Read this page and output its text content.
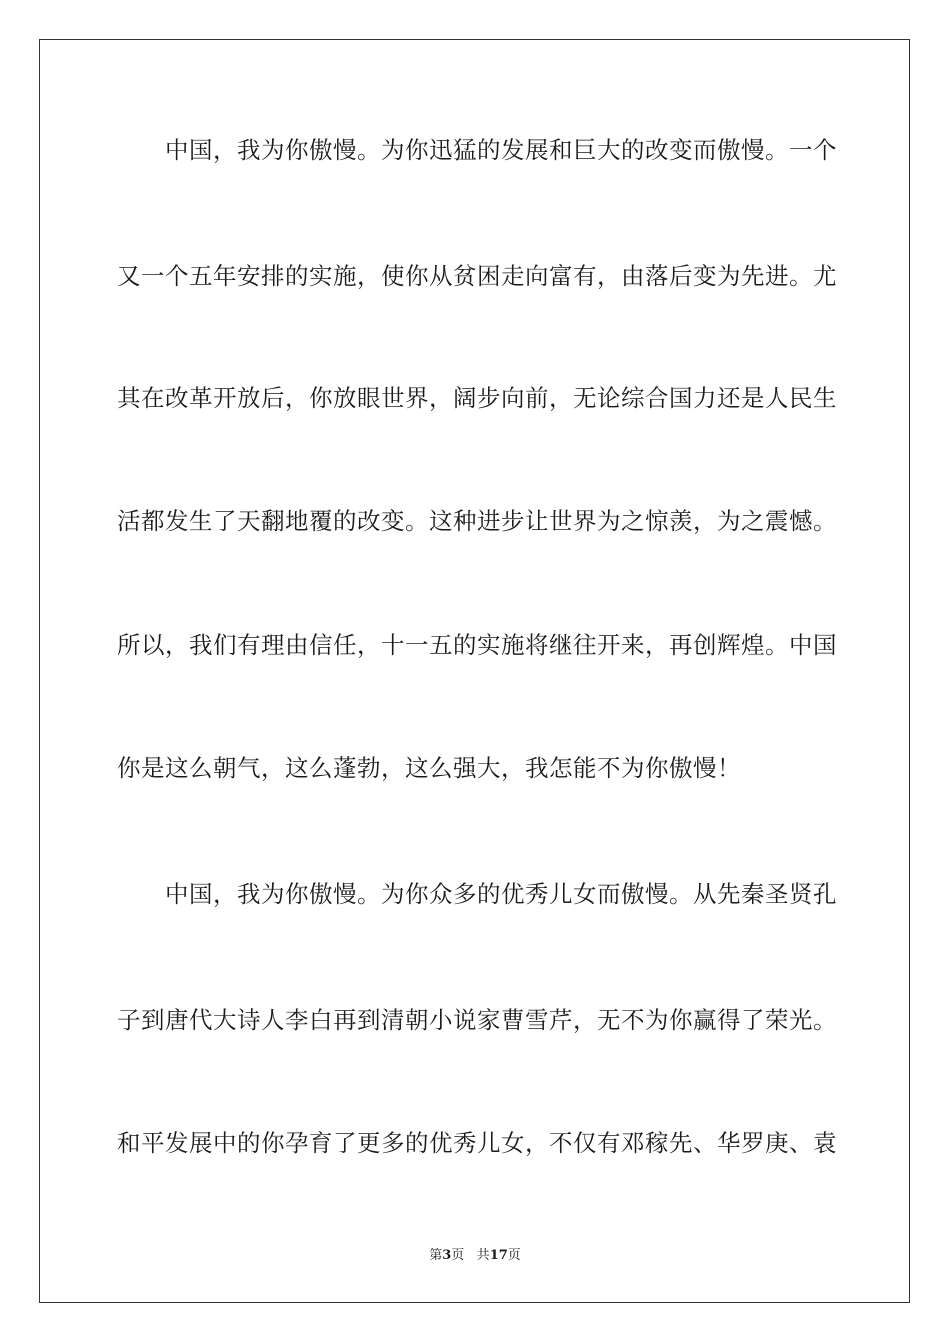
中国，我为你傲慢。为你迅猛的发展和巨大的改变而傲慢。一个
又一个五年安排的实施，使你从贫困走向富有，由落后变为先进。尤
其在改革开放后，你放眼世界，阔步向前，无论综合国力还是人民生
活都发生了天翻地覆的改变。这种进步让世界为之惊羡，为之震憾。
所以，我们有理由信任，十一五的实施将继往开来，再创辉煌。中国
你是这么朝气，这么蓬勃，这么强大，我怎能不为你傲慢！
中国，我为你傲慢。为你众多的优秀儿女而傲慢。从先秦圣贤孔
子到唐代大诗人李白再到清朝小说家曹雪芹，无不为你赢得了荣光。
和平发展中的你孕育了更多的优秀儿女，不仅有邓稼先、华罗庚、袁
第3页 共17页
